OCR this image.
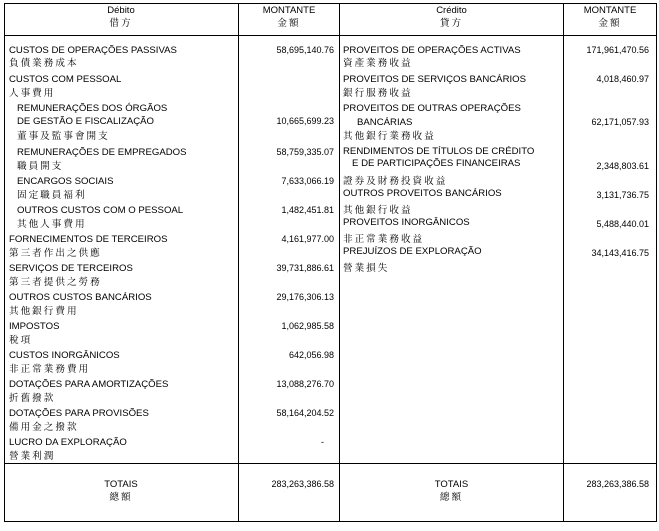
Débito
借方
MONTANTE
金額
Crédito
貸方
MONTANTE
金額
CUSTOS DE OPERAÇÕES PASSIVAS
負債業務成本
58,695,140.76
CUSTOS COM PESSOAL
人事費用
REMUNERAÇÕES DOS ÓRGÃOS
DE GESTÃO E FISCALIZAÇÃO
董事及監事會開支
10,665,699.23
REMUNERAÇÕES DE EMPREGADOS
職員開支
58,759,335.07
ENCARGOS SOCIAIS
固定職員福利
7,633,066.19
OUTROS CUSTOS COM O PESSOAL
其他人事費用
1,482,451.81
FORNECIMENTOS DE TERCEIROS
第三者作出之供應
4,161,977.00
SERVIÇOS DE TERCEIROS
第三者提供之勞務
39,731,886.61
OUTROS CUSTOS BANCÁRIOS
其他銀行費用
29,176,306.13
IMPOSTOS
稅項
1,062,985.58
CUSTOS INORGÂNICOS
非正常業務費用
642,056.98
DOTAÇÕES PARA AMORTIZAÇÕES
折舊撥款
13,088,276.70
DOTAÇÕES PARA PROVISÕES
備用金之撥款
58,164,204.52
LUCRO DA EXPLORAÇÃO
營業利潤
-
PROVEITOS DE OPERAÇÕES ACTIVAS
資產業務收益
171,961,470.56
PROVEITOS DE SERVIÇOS BANCÁRIOS
銀行服務收益
4,018,460.97
PROVEITOS DE OUTRAS OPERAÇÕES
BANCÁRIAS
其他銀行業務收益
62,171,057.93
RENDIMENTOS DE TÍTULOS DE CRÉDITO
E DE PARTICIPAÇÕES FINANCEIRAS
證券及財務投資收益
2,348,803.61
OUTROS PROVEITOS BANCÁRIOS
其他銀行收益
3,131,736.75
PROVEITOS INORGÂNICOS
非正常業務收益
5,488,440.01
PREJUÍZOS DE EXPLORAÇÃO
營業損失
34,143,416.75
TOTAIS
總額
283,263,386.58	TOTAIS
總額
283,263,386.58
